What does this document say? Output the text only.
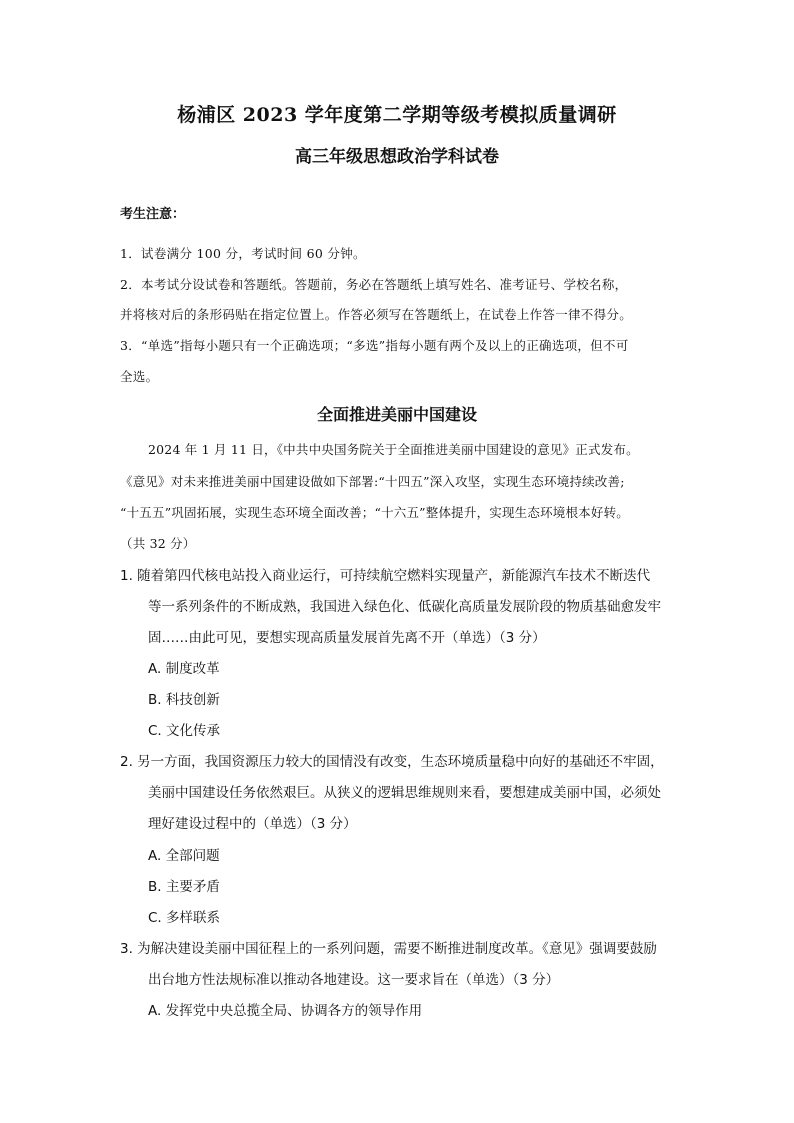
杨浦区 2023 学年度第二学期等级考模拟质量调研
高三年级思想政治学科试卷
考生注意：
1．试卷满分 100 分，考试时间 60 分钟。
2．本考试分设试卷和答题纸。答题前，务必在答题纸上填写姓名、准考证号、学校名称，
并将核对后的条形码贴在指定位置上。作答必须写在答题纸上，在试卷上作答一律不得分。
3．“单选”指每小题只有一个正确选项；“多选”指每小题有两个及以上的正确选项，但不可
全选。
全面推进美丽中国建设
2024 年 1 月 11 日，《中共中央国务院关于全面推进美丽中国建设的意见》正式发布。
《意见》对未来推进美丽中国建设做如下部署:“十四五”深入攻坚，实现生态环境持续改善;
“十五五”巩固拓展，实现生态环境全面改善；“十六五”整体提升，实现生态环境根本好转。
（共 32 分）
1. 随着第四代核电站投入商业运行，可持续航空燃料实现量产，新能源汽车技术不断迭代
等一系列条件的不断成熟，我国进入绿色化、低碳化高质量发展阶段的物质基础愈发牢
固……由此可见，要想实现高质量发展首先离不开（单选）（3 分）
A. 制度改革
B. 科技创新
C. 文化传承
2. 另一方面，我国资源压力较大的国情没有改变，生态环境质量稳中向好的基础还不牢固，
美丽中国建设任务依然艰巨。从狭义的逻辑思维规则来看，要想建成美丽中国，必须处
理好建设过程中的（单选）（3 分）
A. 全部问题
B. 主要矛盾
C. 多样联系
3. 为解决建设美丽中国征程上的一系列问题，需要不断推进制度改革。《意见》强调要鼓励
出台地方性法规标准以推动各地建设。这一要求旨在（单选）（3 分）
A. 发挥党中央总揽全局、协调各方的领导作用
